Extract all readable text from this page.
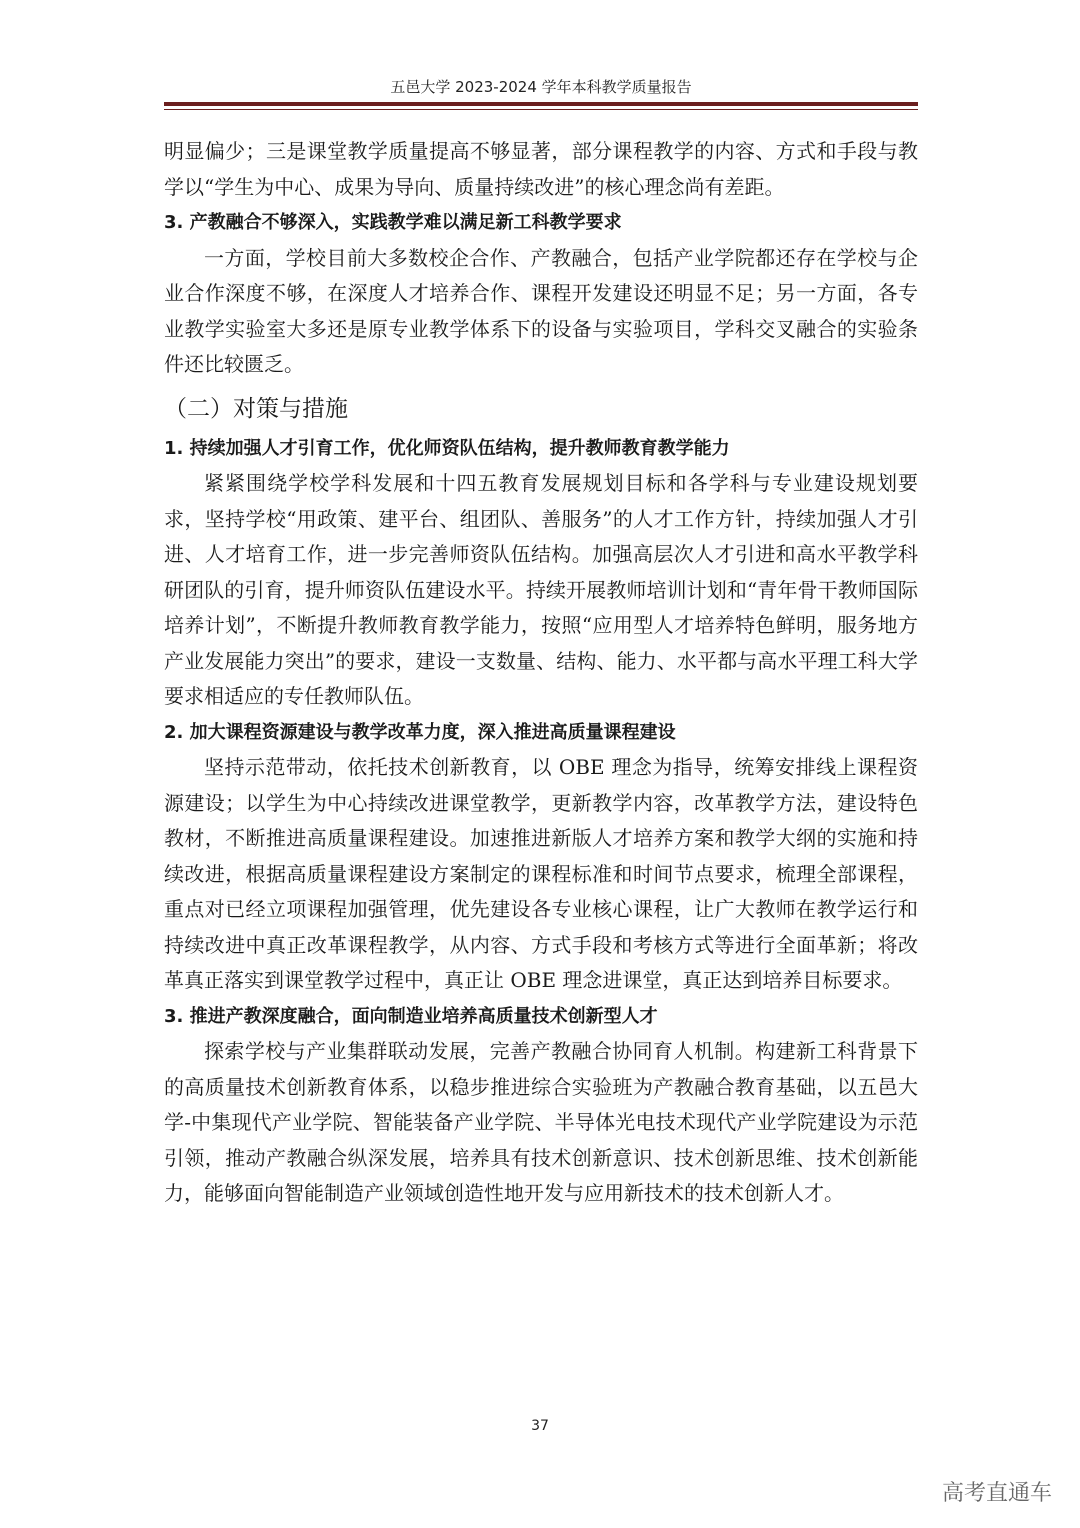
五邑大学 2023-2024 学年本科教学质量报告

明显偏少；三是课堂教学质量提高不够显著，部分课程教学的内容、方式和手段与教学以“学生为中心、成果为导向、质量持续改进”的核心理念尚有差距。

3. 产教融合不够深入，实践教学难以满足新工科教学要求

一方面，学校目前大多数校企合作、产教融合，包括产业学院都还存在学校与企业合作深度不够，在深度人才培养合作、课程开发建设还明显不足；另一方面，各专业教学实验室大多还是原专业教学体系下的设备与实验项目，学科交叉融合的实验条件还比较匮乏。

（二）对策与措施

1. 持续加强人才引育工作，优化师资队伍结构，提升教师教育教学能力

紧紧围绕学校学科发展和十四五教育发展规划目标和各学科与专业建设规划要求，坚持学校“用政策、建平台、组团队、善服务”的人才工作方针，持续加强人才引进、人才培育工作，进一步完善师资队伍结构。加强高层次人才引进和高水平教学科研团队的引育，提升师资队伍建设水平。持续开展教师培训计划和“青年骨干教师国际培养计划”，不断提升教师教育教学能力，按照“应用型人才培养特色鲜明，服务地方产业发展能力突出”的要求，建设一支数量、结构、能力、水平都与高水平理工科大学要求相适应的专任教师队伍。

2. 加大课程资源建设与教学改革力度，深入推进高质量课程建设

坚持示范带动，依托技术创新教育，以 OBE 理念为指导，统筹安排线上课程资源建设；以学生为中心持续改进课堂教学，更新教学内容，改革教学方法，建设特色教材，不断推进高质量课程建设。加速推进新版人才培养方案和教学大纲的实施和持续改进，根据高质量课程建设方案制定的课程标准和时间节点要求，梳理全部课程，重点对已经立项课程加强管理，优先建设各专业核心课程，让广大教师在教学运行和持续改进中真正改革课程教学，从内容、方式手段和考核方式等进行全面革新；将改革真正落实到课堂教学过程中，真正让 OBE 理念进课堂，真正达到培养目标要求。

3. 推进产教深度融合，面向制造业培养高质量技术创新型人才

探索学校与产业集群联动发展，完善产教融合协同育人机制。构建新工科背景下的高质量技术创新教育体系，以稳步推进综合实验班为产教融合教育基础，以五邑大学-中集现代产业学院、智能装备产业学院、半导体光电技术现代产业学院建设为示范引领，推动产教融合纵深发展，培养具有技术创新意识、技术创新思维、技术创新能力，能够面向智能制造产业领域创造性地开发与应用新技术的技术创新人才。

37
高考直通车
